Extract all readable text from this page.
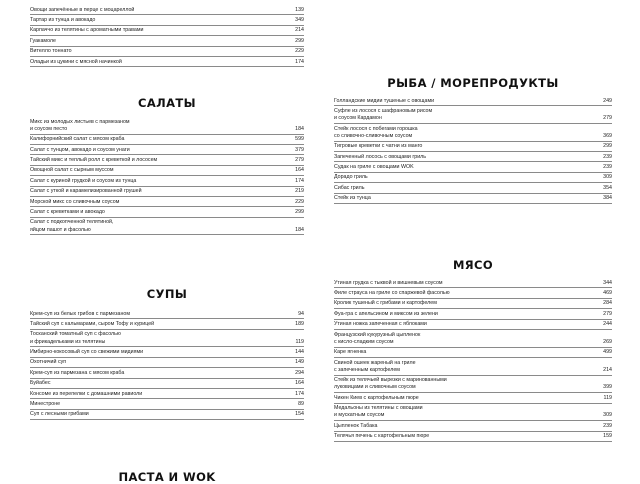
Овощи запечённые в перце с моцареллой	139
Тартар из тунца и авокадо	349
Карпаччо из телятины с ароматными травами	214
Гуакамоле	299
Вителло тоннато	229
Оладьи из цукини с мясной начинкой	174
САЛАТЫ
Микс из молодых листьев с пармезаном
и соусом песто	184
Калифорнийский салат с мясом краба	599
Салат с тунцом, авокадо и соусом унаги	379
Тайский микс и теплый ролл с креветкой и лососем	279
Овощной салат с сырным муссом	164
Салат с куриной грудкой и соусом из тунца	174
Салат с уткой и карамелизированной грушей	219
Морской микс со сливочным соусом	229
Салат с креветками и авокадо	299
Салат с подкопченной телятиной,
яйцом пашот и фасолью	184
СУПЫ
Крем-суп из белых грибов с пармезаном	94
Тайский суп с кальмарами, сыром Тофу и курицей	189
Тосканский томатный суп с фасолью
и фрикадельками из телятины	119
Имбирно-кокосовый суп со свежими мидиями	144
Охотничий суп	149
Крем-суп из пармезана с мясом краба	294
Буйабес	164
Консоме из перепелки с домашними равиоли	174
Минестроне	89
Суп с лесными грибами	154
ПАСТА И WOK
РЫБА / МОРЕПРОДУКТЫ
Голландские мидии тушеные с овощами	249
Суфле из лосося с шафрановым рисом
и соусом Кардамон	279
Стейк лосося с побегами горошка
со сливочно-сливочным соусом	369
Тигровые креветки с чатни из манго	299
Запеченный лосось с овощами гриль	239
Судак на гриле с овощами WOK	239
Дорадо гриль	309
Сибас гриль	354
Стейк из тунца	384
МЯСО
Утиная грудка с тыквой и вишневым соусом	344
Филе страуса на гриле со спаржевой фасолью	469
Кролик тушеный с грибами и картофелем	284
Фуа-гра с апельсином и миксом из зелени	279
Утиная ножка запеченная с яблоками	244
Французский кукурузный цыпленок
с кисло-сладким соусом	269
Каре ягненка	499
Свиной ошеек жареный на гриле
с запеченным картофелем	214
Стейк из телячьей вырезки с маринованными
луковицами и сливочным соусом	399
Чикен Киев с картофельным пюре	119
Медальоны из телятины с овощами
и мускатным соусом	309
Цыпленок Табака	239
Телячья печень с картофельным пюре	159
